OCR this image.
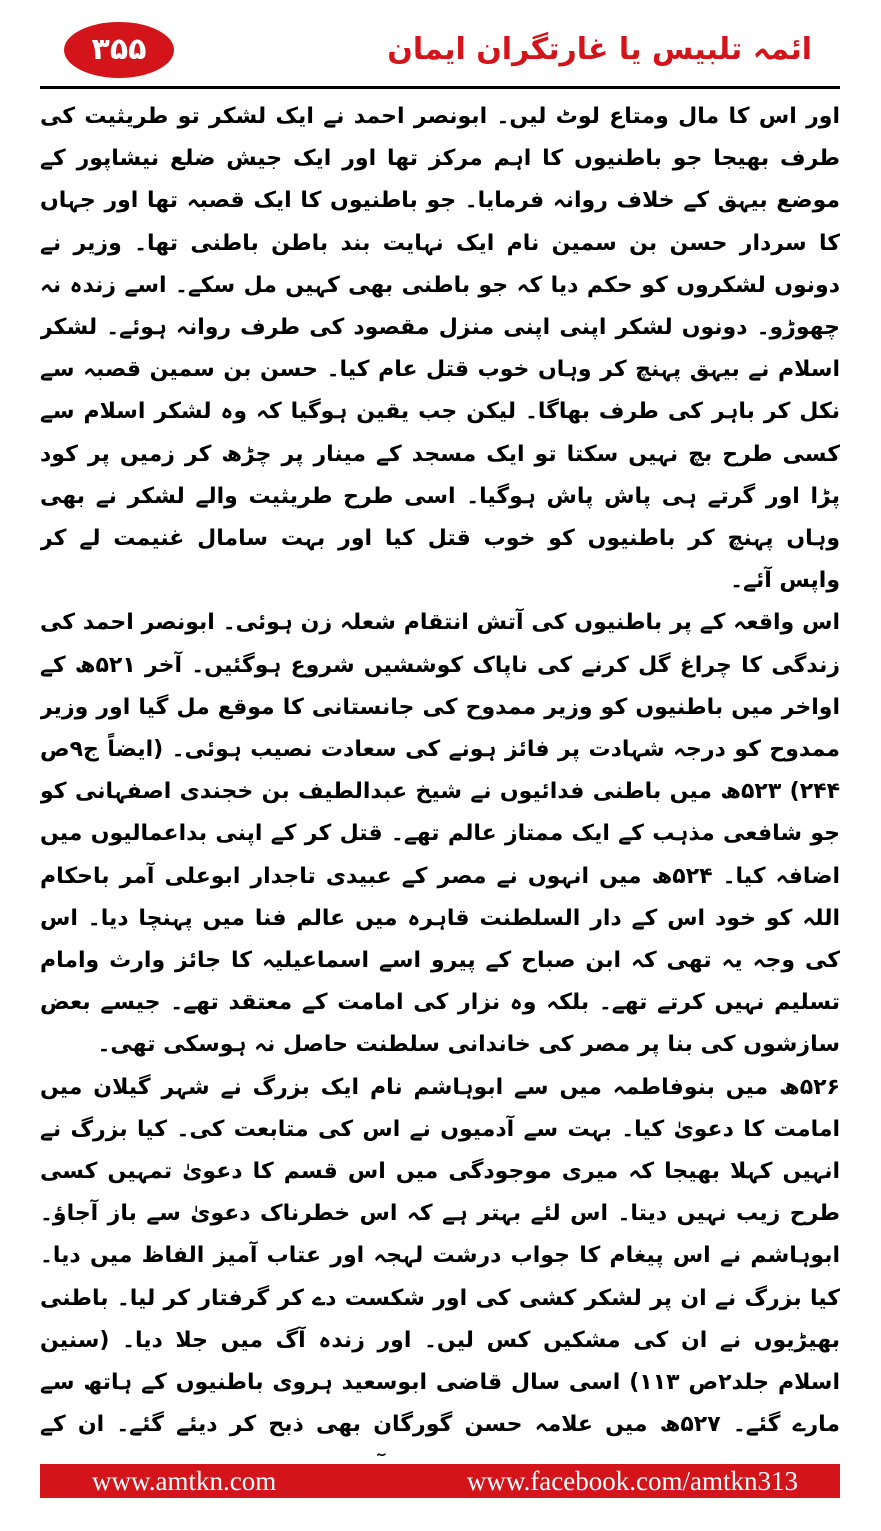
۳۵۵	ائمہ تلبیس یا غارتگران ایمان

اور اس کا مال ومتاع لوٹ لیں۔ ابونصر احمد نے ایک لشکر تو طریثیت کی طرف بھیجا جو باطنیوں کا اہم مرکز تھا اور ایک جیش ضلع نیشاپور کے موضع بیہق کے خلاف روانہ فرمایا۔ جو باطنیوں کا ایک قصبہ تھا اور جہاں کا سردار حسن بن سمین نام ایک نہایت بند باطن باطنی تھا۔ وزیر نے دونوں لشکروں کو حکم دیا کہ جو باطنی بھی کہیں مل سکے۔ اسے زندہ نہ چھوڑو۔ دونوں لشکر اپنی اپنی منزل مقصود کی طرف روانہ ہوئے۔ لشکر اسلام نے بیہق پہنچ کر وہاں خوب قتل عام کیا۔ حسن بن سمین قصبہ سے نکل کر باہر کی طرف بھاگا۔ لیکن جب یقین ہوگیا کہ وہ لشکر اسلام سے کسی طرح بچ نہیں سکتا تو ایک مسجد کے مینار پر چڑھ کر زمیں پر کود پڑا اور گرتے ہی پاش پاش ہوگیا۔ اسی طرح طریثیت والے لشکر نے بھی وہاں پہنچ کر باطنیوں کو خوب قتل کیا اور بہت سامال غنیمت لے کر واپس آئے۔

اس واقعہ کے پر باطنیوں کی آتش انتقام شعلہ زن ہوئی۔ ابونصر احمد کی زندگی کا چراغ گل کرنے کی ناپاک کوششیں شروع ہوگئیں۔ آخر ۵۲۱ھ کے اواخر میں باطنیوں کو وزیر ممدوح کی جانستانی کا موقع مل گیا اور وزیر ممدوح کو درجہ شہادت پر فائز ہونے کی سعادت نصیب ہوئی۔ (ایضاً ج۹ص ۲۴۴) ۵۲۳ھ میں باطنی فدائیوں نے شیخ عبدالطیف بن خجندی اصفہانی کو جو شافعی مذہب کے ایک ممتاز عالم تھے۔ قتل کر کے اپنی بداعمالیوں میں اضافہ کیا۔ ۵۲۴ھ میں انہوں نے مصر کے عبیدی تاجدار ابوعلی آمر باحکام اللہ کو خود اس کے دار السلطنت قاہرہ میں عالم فنا میں پہنچا دیا۔ اس کی وجہ یہ تھی کہ ابن صباح کے پیرو اسے اسماعیلیہ کا جائز وارث وامام تسلیم نہیں کرتے تھے۔ بلکہ وہ نزار کی امامت کے معتقد تھے۔ جیسے بعض سازشوں کی بنا پر مصر کی خاندانی سلطنت حاصل نہ ہوسکی تھی۔

۵۲۶ھ میں بنوفاطمہ میں سے ابوہاشم نام ایک بزرگ نے شہر گیلان میں امامت کا دعویٰ کیا۔ بہت سے آدمیوں نے اس کی متابعت کی۔ کیا بزرگ نے انہیں کہلا بھیجا کہ میری موجودگی میں اس قسم کا دعویٰ تمہیں کسی طرح زیب نہیں دیتا۔ اس لئے بہتر ہے کہ اس خطرناک دعویٰ سے باز آجاؤ۔ ابوہاشم نے اس پیغام کا جواب درشت لہجہ اور عتاب آمیز الفاظ میں دیا۔ کیا بزرگ نے ان پر لشکر کشی کی اور شکست دے کر گرفتار کر لیا۔ باطنی بھیڑیوں نے ان کی مشکیں کس لیں۔ اور زندہ آگ میں جلا دیا۔ (سنین اسلام جلد۲ص ۱۱۳) اسی سال قاضی ابوسعید ہروی باطنیوں کے ہاتھ سے مارے گئے۔ ۵۲۷ھ میں علامہ حسن گورگان بھی ذبح کر دیئے گئے۔ ان کے

www.amtkn.com	www.facebook.com/amtkn313
